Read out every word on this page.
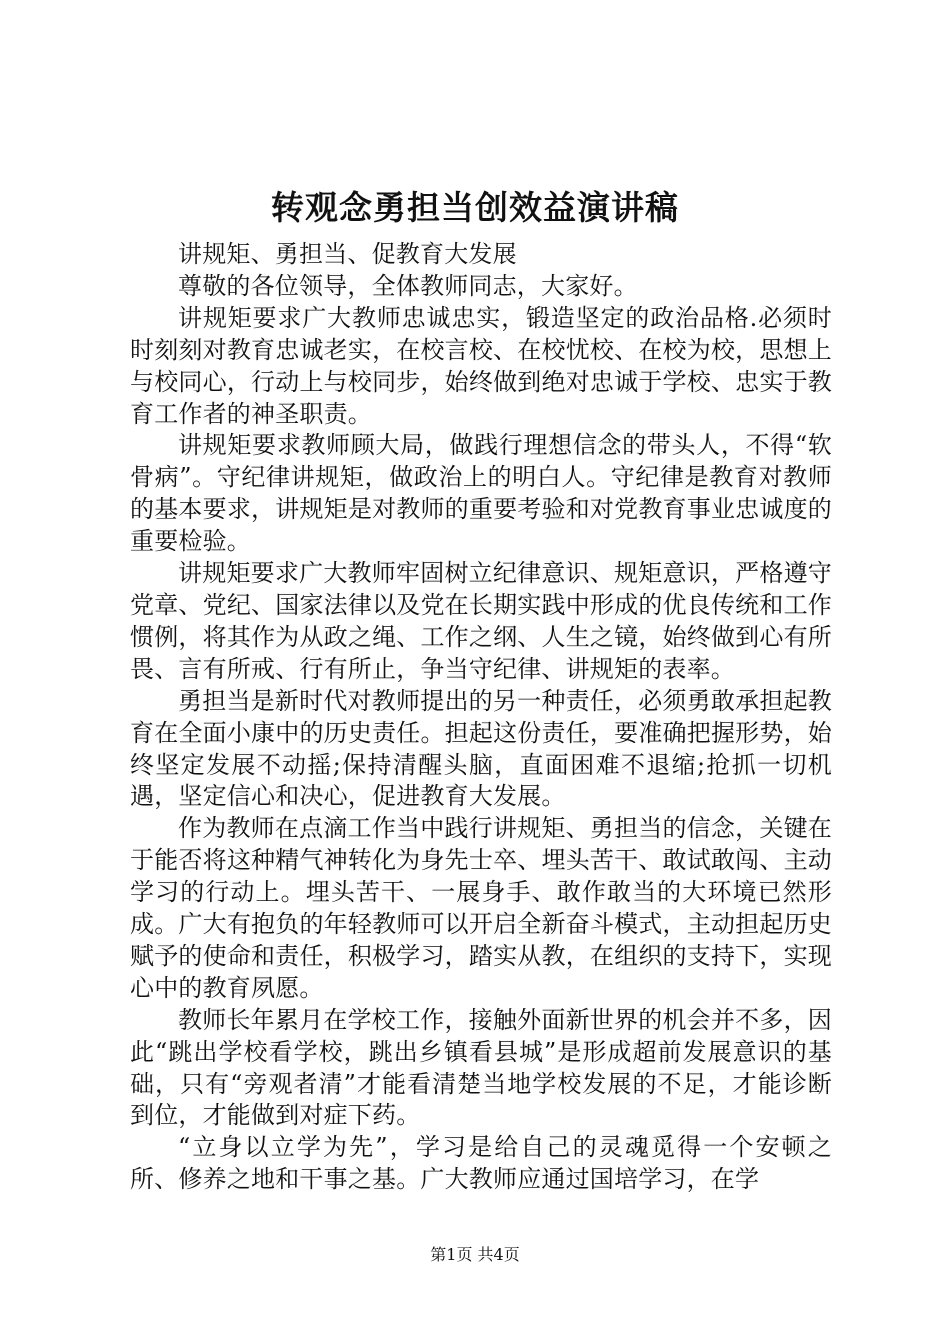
转观念勇担当创效益演讲稿

讲规矩、勇担当、促教育大发展

尊敬的各位领导，全体教师同志，大家好。

讲规矩要求广大教师忠诚忠实，锻造坚定的政治品格.必须时时刻刻对教育忠诚老实，在校言校、在校忧校、在校为校，思想上与校同心，行动上与校同步，始终做到绝对忠诚于学校、忠实于教育工作者的神圣职责。

讲规矩要求教师顾大局，做践行理想信念的带头人，不得“软骨病”。守纪律讲规矩，做政治上的明白人。守纪律是教育对教师的基本要求，讲规矩是对教师的重要考验和对党教育事业忠诚度的重要检验。

讲规矩要求广大教师牢固树立纪律意识、规矩意识，严格遵守党章、党纪、国家法律以及党在长期实践中形成的优良传统和工作惯例，将其作为从政之绳、工作之纲、人生之镜，始终做到心有所畏、言有所戒、行有所止，争当守纪律、讲规矩的表率。

勇担当是新时代对教师提出的另一种责任，必须勇敢承担起教育在全面小康中的历史责任。担起这份责任，要准确把握形势，始终坚定发展不动摇;保持清醒头脑，直面困难不退缩;抢抓一切机遇，坚定信心和决心，促进教育大发展。

作为教师在点滴工作当中践行讲规矩、勇担当的信念，关键在于能否将这种精气神转化为身先士卒、埋头苦干、敢试敢闯、主动学习的行动上。埋头苦干、一展身手、敢作敢当的大环境已然形成。广大有抱负的年轻教师可以开启全新奋斗模式，主动担起历史赋予的使命和责任，积极学习，踏实从教，在组织的支持下，实现心中的教育夙愿。

教师长年累月在学校工作，接触外面新世界的机会并不多，因此“跳出学校看学校，跳出乡镇看县城”是形成超前发展意识的基础，只有“旁观者清”才能看清楚当地学校发展的不足，才能诊断到位，才能做到对症下药。

“立身以立学为先”，学习是给自己的灵魂觅得一个安顿之所、修养之地和干事之基。广大教师应通过国培学习，在学

第1页 共4页
